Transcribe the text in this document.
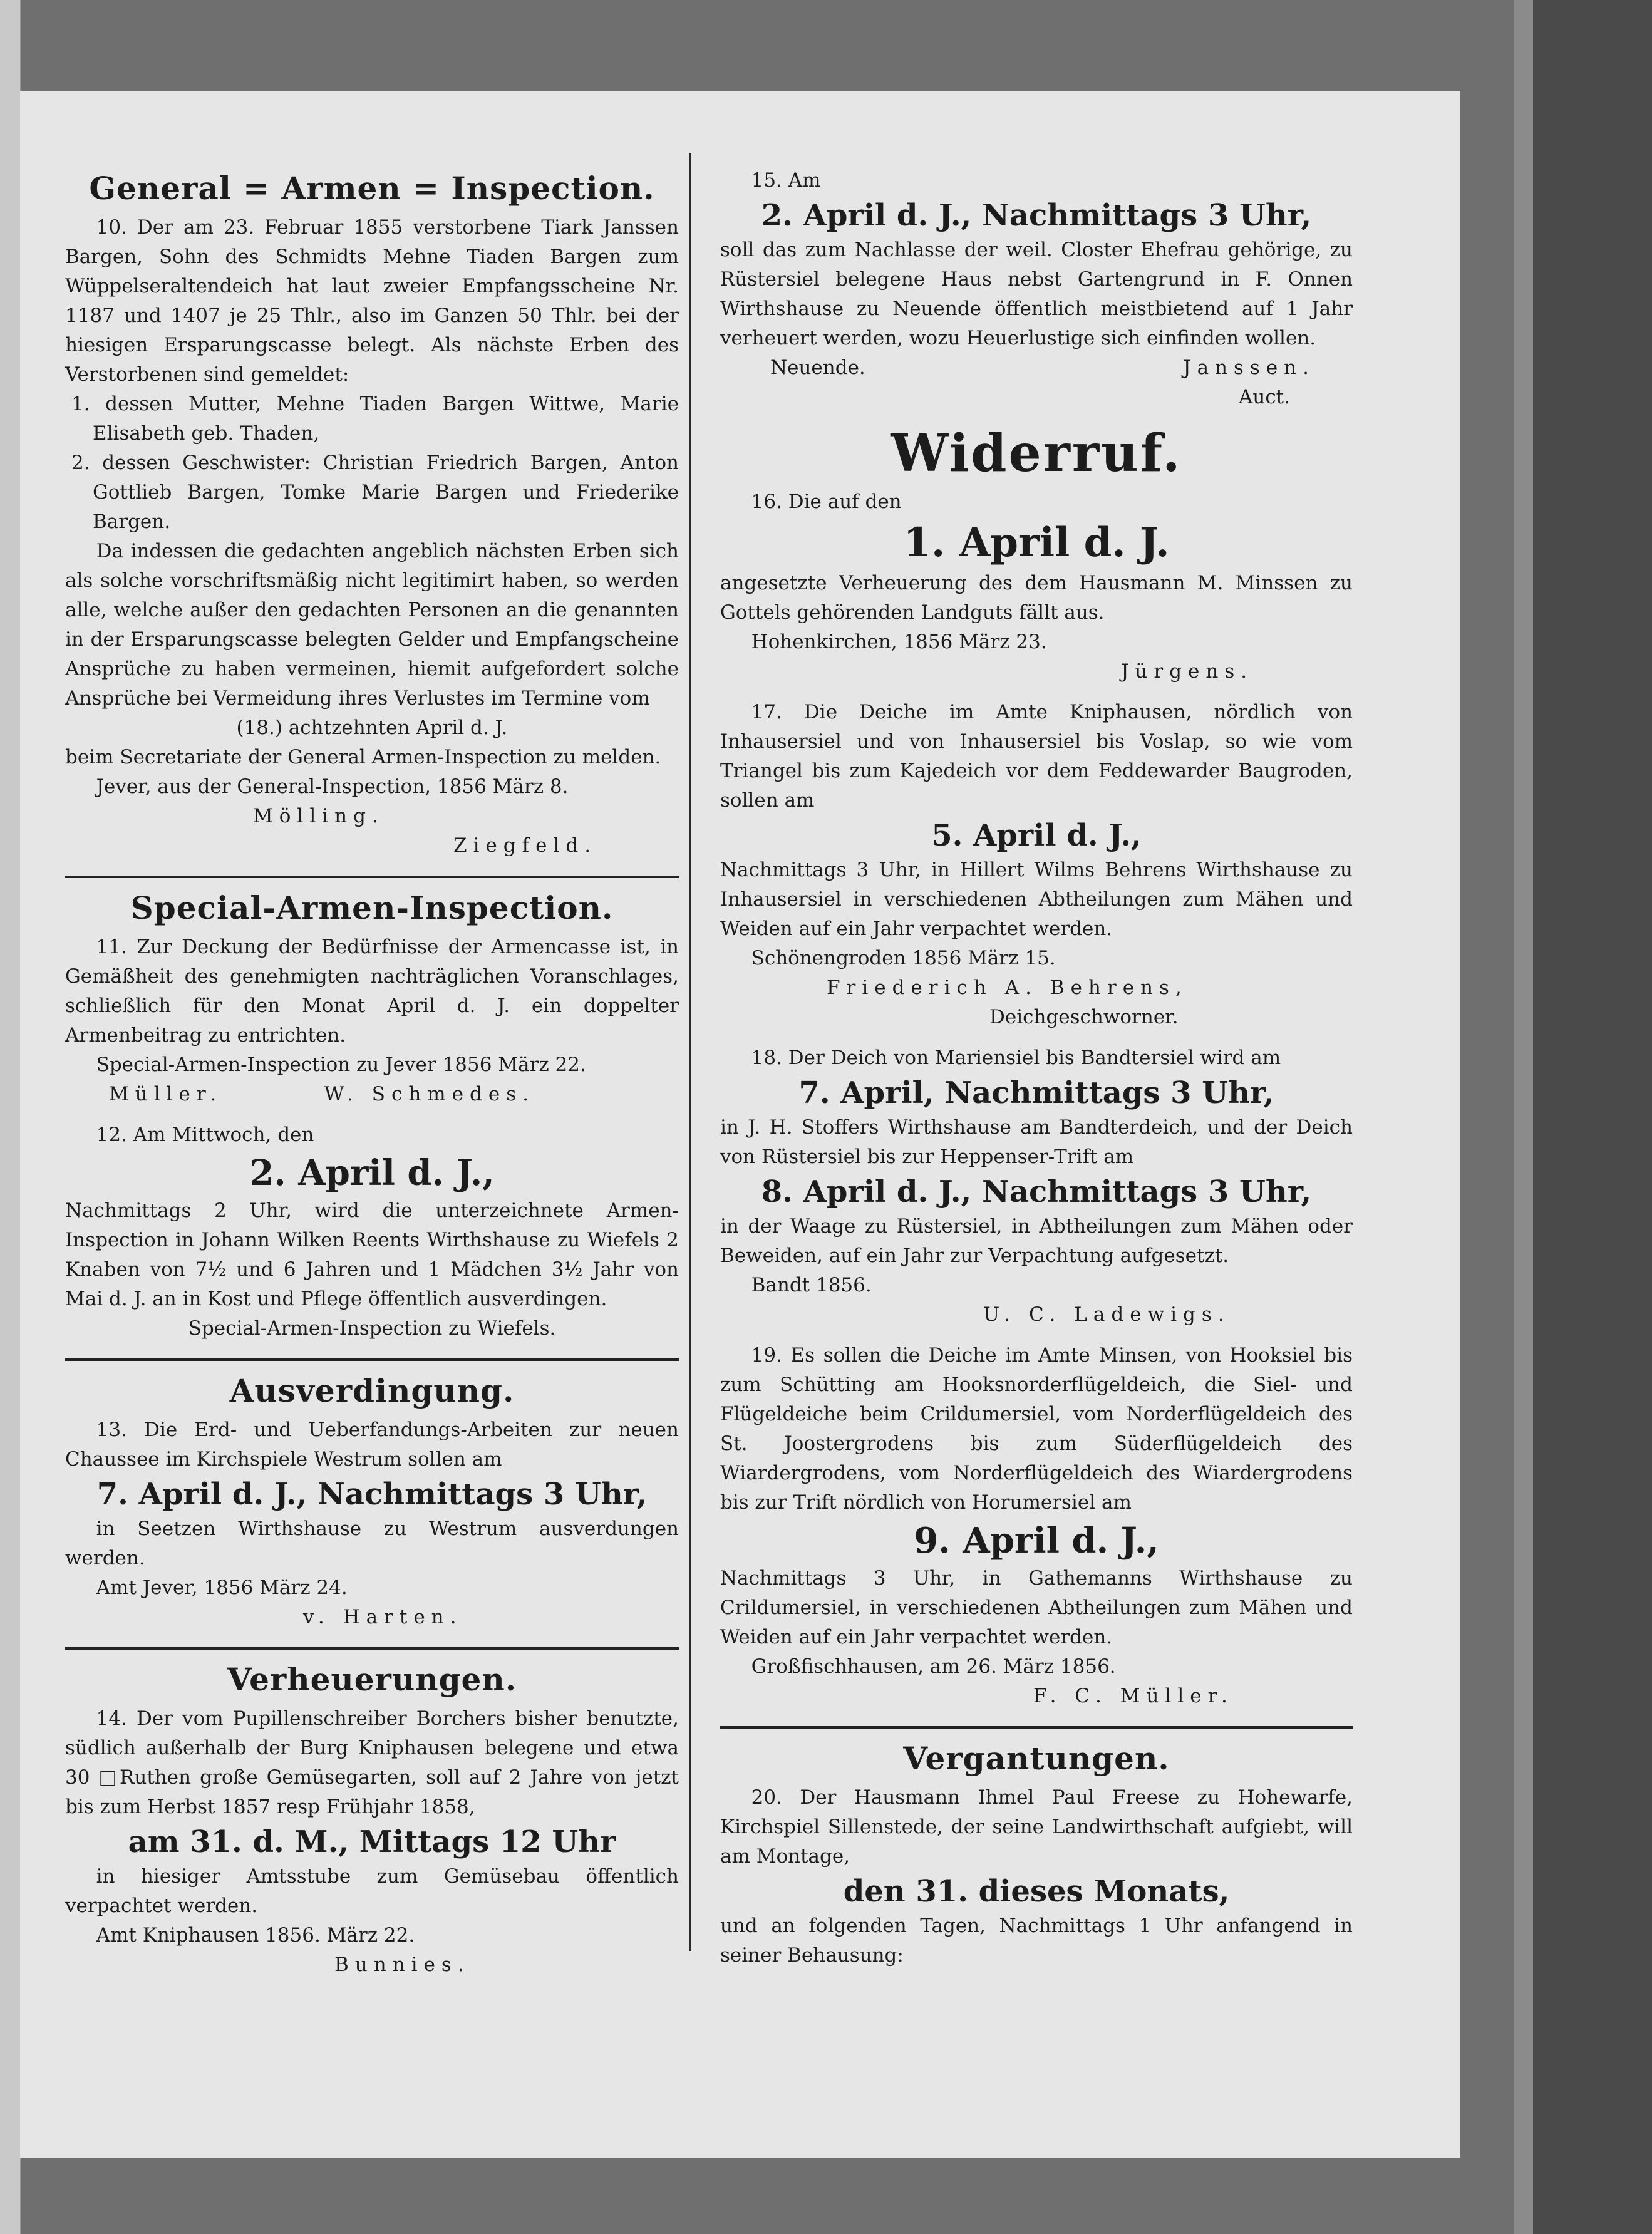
General = Armen = Inspection.

10. Der am 23. Februar 1855 verstorbene Tiark Janssen Bargen, Sohn des Schmidts Mehne Tiaden Bargen zum Wüppelseraltendeich hat laut zweier Empfangsscheine Nr. 1187 und 1407 je 25 Thlr., also im Ganzen 50 Thlr. bei der hiesigen Ersparungscasse belegt. Als nächste Erben des Verstorbenen sind gemeldet:

1. dessen Mutter, Mehne Tiaden Bargen Wittwe, Marie Elisabeth geb. Thaden,

2. dessen Geschwister: Christian Friedrich Bargen, Anton Gottlieb Bargen, Tomke Marie Bargen und Friederike Bargen.

Da indessen die gedachten angeblich nächsten Erben sich als solche vorschriftsmäßig nicht legitimirt haben, so werden alle, welche außer den gedachten Personen an die genannten in der Ersparungscasse belegten Gelder und Empfangscheine Ansprüche zu haben vermeinen, hiemit aufgefordert solche Ansprüche bei Vermeidung ihres Verlustes im Termine vom

(18.) achtzehnten April d. J.

beim Secretariate der General Armen-Inspection zu melden.

Jever, aus der General-Inspection, 1856 März 8.

Mölling.

Ziegfeld.

Special-Armen-Inspection.

11. Zur Deckung der Bedürfnisse der Armencasse ist, in Gemäßheit des genehmigten nachträglichen Voranschlages, schließlich für den Monat April d. J. ein doppelter Armenbeitrag zu entrichten.

Special-Armen-Inspection zu Jever 1856 März 22.

Müller.	W. Schmedes.

12. Am Mittwoch, den

2. April d. J.,

Nachmittags 2 Uhr, wird die unterzeichnete Armen-Inspection in Johann Wilken Reents Wirthshause zu Wiefels 2 Knaben von 7½ und 6 Jahren und 1 Mädchen 3½ Jahr von Mai d. J. an in Kost und Pflege öffentlich ausverdingen.

Special-Armen-Inspection zu Wiefels.

Ausverdingung.

13. Die Erd- und Ueberfandungs-Arbeiten zur neuen Chaussee im Kirchspiele Westrum sollen am

7. April d. J., Nachmittags 3 Uhr,

in Seetzen Wirthshause zu Westrum ausverdungen werden.

Amt Jever, 1856 März 24.

v. Harten.

Verheuerungen.

14. Der vom Pupillenschreiber Borchers bisher benutzte, südlich außerhalb der Burg Kniphausen belegene und etwa 30 □Ruthen große Gemüsegarten, soll auf 2 Jahre von jetzt bis zum Herbst 1857 resp Frühjahr 1858,

am 31. d. M., Mittags 12 Uhr

in hiesiger Amtsstube zum Gemüsebau öffentlich verpachtet werden.

Amt Kniphausen 1856. März 22.

Bunnies.

15. Am

2. April d. J., Nachmittags 3 Uhr,

soll das zum Nachlasse der weil. Closter Ehefrau gehörige, zu Rüstersiel belegene Haus nebst Gartengrund in F. Onnen Wirthshause zu Neuende öffentlich meistbietend auf 1 Jahr verheuert werden, wozu Heuerlustige sich einfinden wollen.

Neuende.	Janssen.

Auct.

Widerruf.

16. Die auf den

1. April d. J.

angesetzte Verheuerung des dem Hausmann M. Minssen zu Gottels gehörenden Landguts fällt aus.

Hohenkirchen, 1856 März 23.

Jürgens.

17. Die Deiche im Amte Kniphausen, nördlich von Inhausersiel und von Inhausersiel bis Voslap, so wie vom Triangel bis zum Kajedeich vor dem Feddewarder Baugroden, sollen am

5. April d. J.,

Nachmittags 3 Uhr, in Hillert Wilms Behrens Wirthshause zu Inhausersiel in verschiedenen Abtheilungen zum Mähen und Weiden auf ein Jahr verpachtet werden.

Schönengroden 1856 März 15.

Friederich A. Behrens,

Deichgeschworner.

18. Der Deich von Mariensiel bis Bandtersiel wird am

7. April, Nachmittags 3 Uhr,

in J. H. Stoffers Wirthshause am Bandterdeich, und der Deich von Rüstersiel bis zur Heppenser-Trift am

8. April d. J., Nachmittags 3 Uhr,

in der Waage zu Rüstersiel, in Abtheilungen zum Mähen oder Beweiden, auf ein Jahr zur Verpachtung aufgesetzt.

Bandt 1856.

U. C. Ladewigs.

19. Es sollen die Deiche im Amte Minsen, von Hooksiel bis zum Schütting am Hooksnorderflügeldeich, die Siel- und Flügeldeiche beim Crildumersiel, vom Norderflügeldeich des St. Joostergrodens bis zum Süderflügeldeich des Wiardergrodens, vom Norderflügeldeich des Wiardergrodens bis zur Trift nördlich von Horumersiel am

9. April d. J.,

Nachmittags 3 Uhr, in Gathemanns Wirthshause zu Crildumersiel, in verschiedenen Abtheilungen zum Mähen und Weiden auf ein Jahr verpachtet werden.

Großfischhausen, am 26. März 1856.

F. C. Müller.

Vergantungen.

20. Der Hausmann Ihmel Paul Freese zu Hohewarfe, Kirchspiel Sillenstede, der seine Landwirthschaft aufgiebt, will am Montage,

den 31. dieses Monats,

und an folgenden Tagen, Nachmittags 1 Uhr anfangend in seiner Behausung:
